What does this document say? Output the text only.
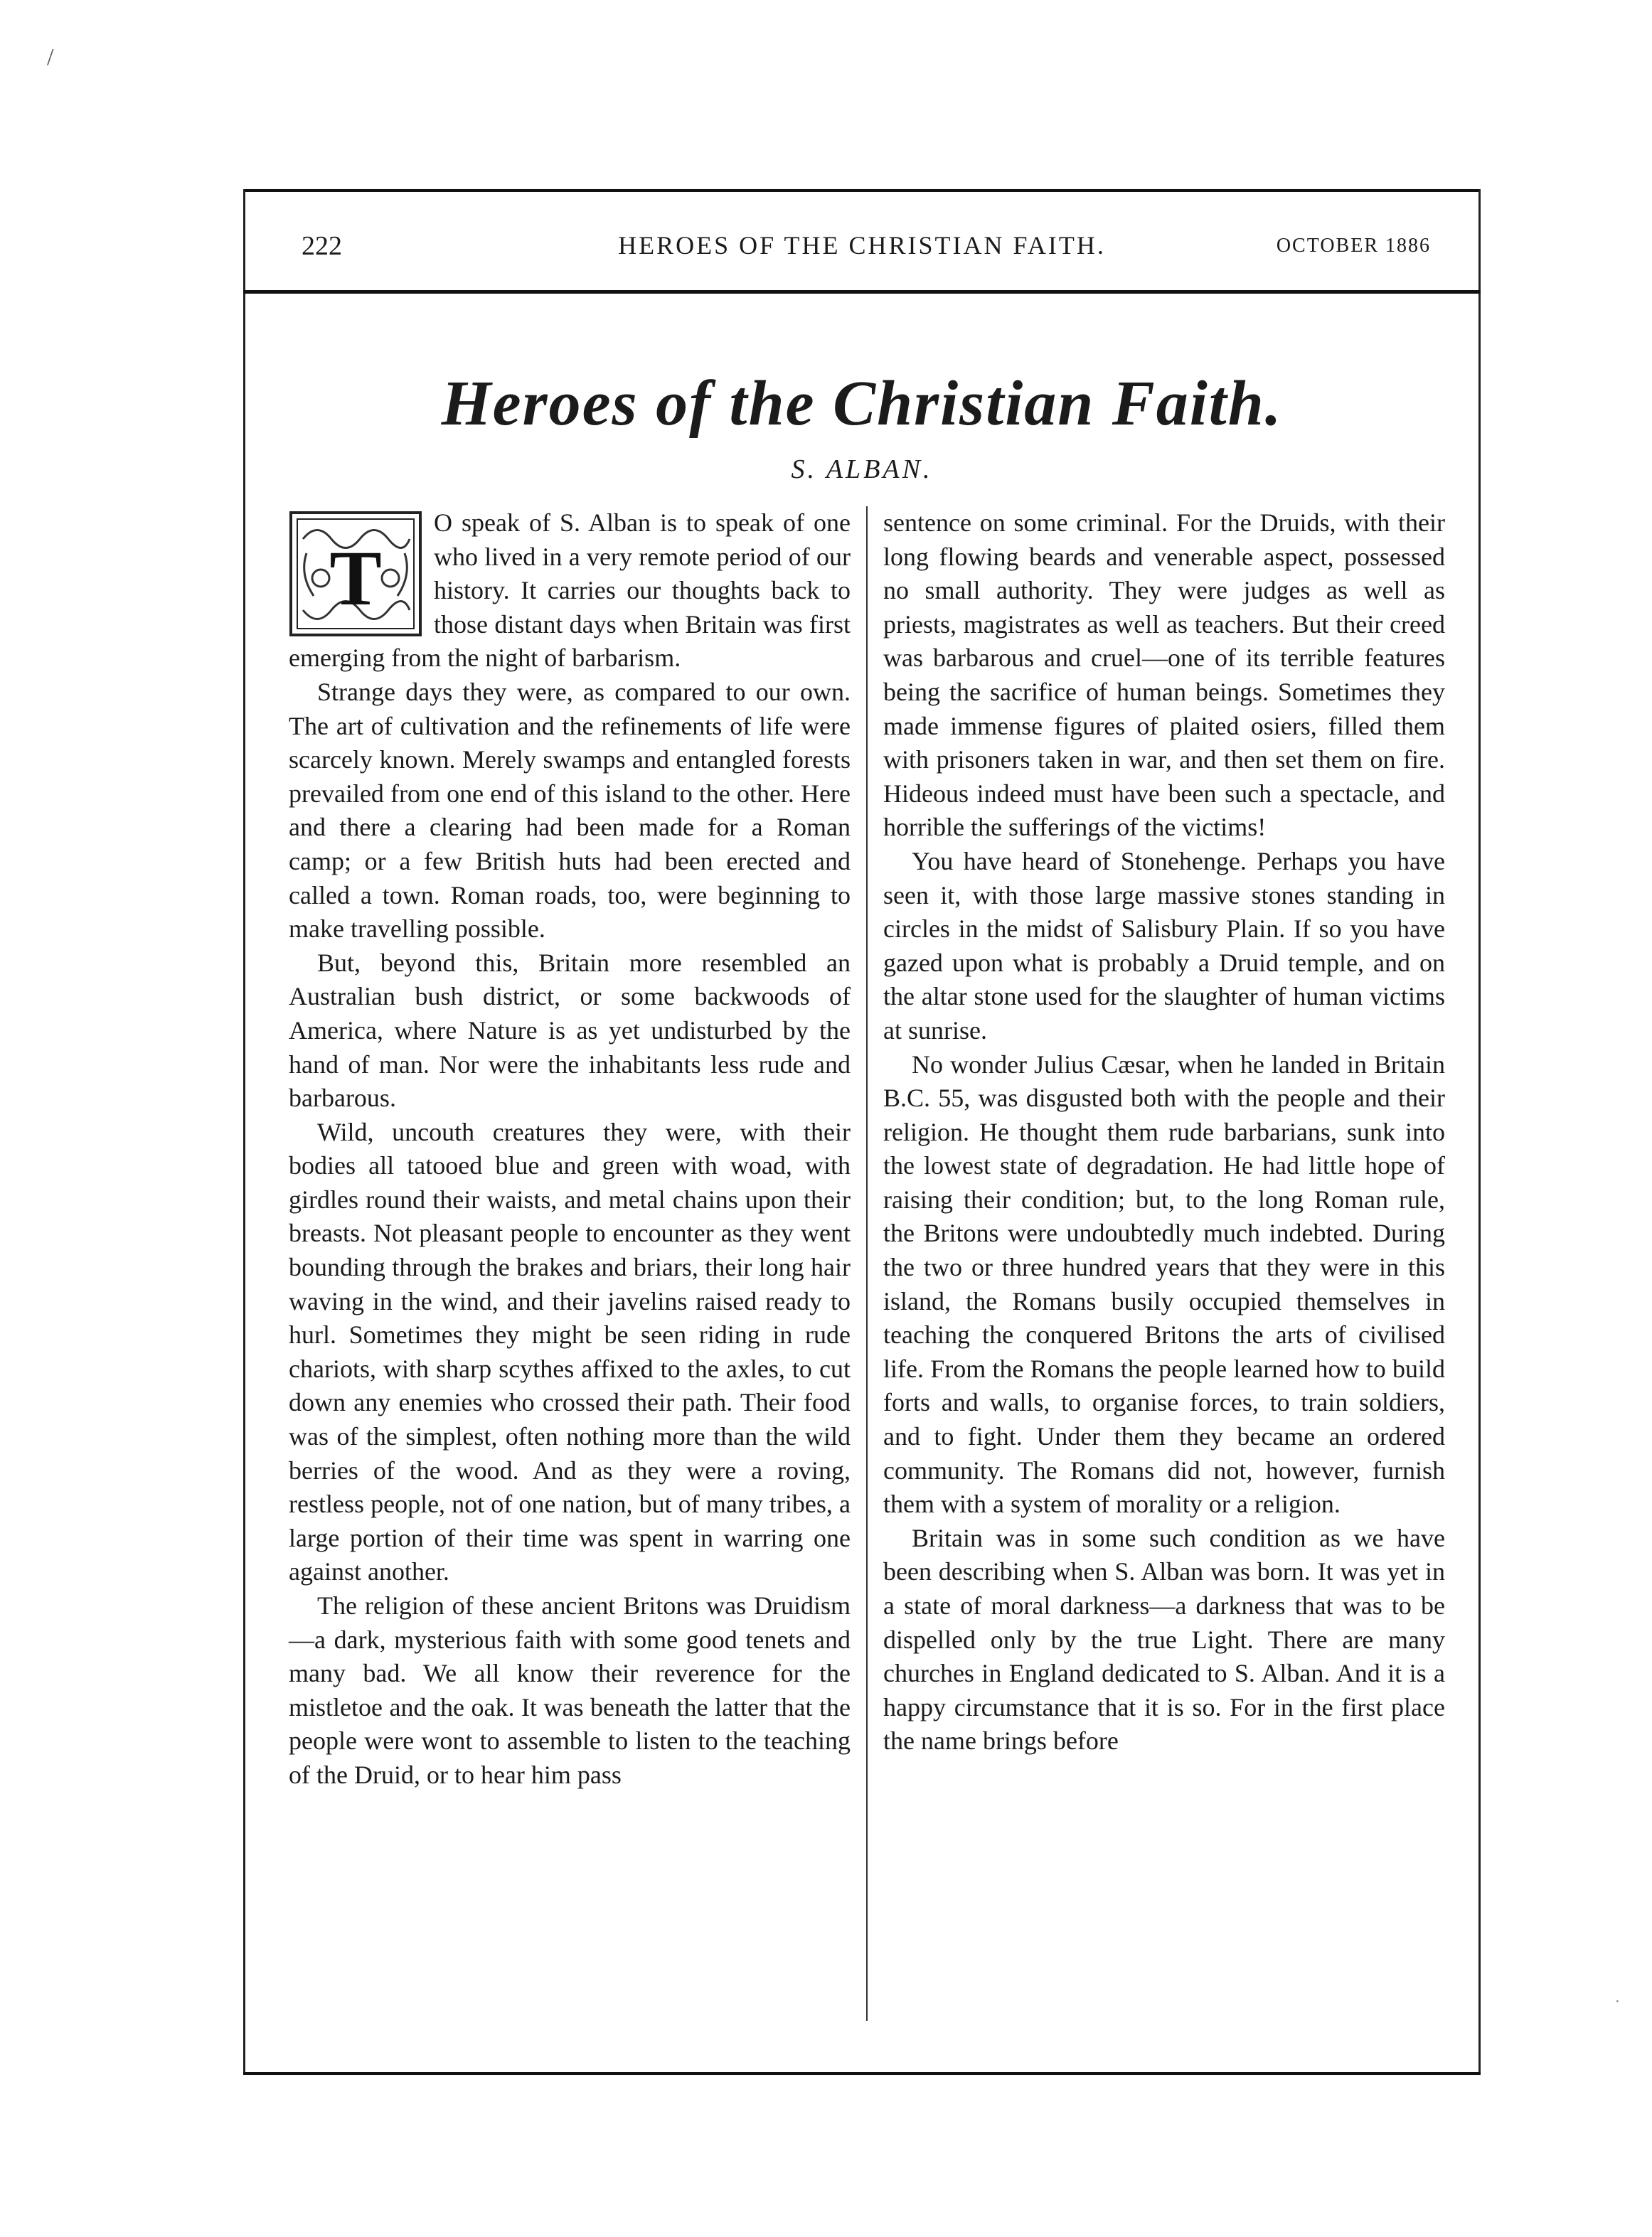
/
·
222	HEROES OF THE CHRISTIAN FAITH.	OCTOBER 1886
Heroes of the Christian Faith.
S. ALBAN.
T

O speak of S. Alban is to speak of one who lived in a very remote period of our history. It carries our thoughts back to those distant days when Britain was first emerging from the night of barbarism.

Strange days they were, as compared to our own. The art of cultivation and the refinements of life were scarcely known. Merely swamps and entangled forests prevailed from one end of this island to the other. Here and there a clearing had been made for a Roman camp; or a few British huts had been erected and called a town. Roman roads, too, were beginning to make travelling possible.

But, beyond this, Britain more resembled an Australian bush district, or some backwoods of America, where Nature is as yet undisturbed by the hand of man. Nor were the inhabitants less rude and barbarous.

Wild, uncouth creatures they were, with their bodies all tatooed blue and green with woad, with girdles round their waists, and metal chains upon their breasts. Not pleasant people to encounter as they went bounding through the brakes and briars, their long hair waving in the wind, and their javelins raised ready to hurl. Sometimes they might be seen riding in rude chariots, with sharp scythes affixed to the axles, to cut down any enemies who crossed their path. Their food was of the simplest, often nothing more than the wild berries of the wood. And as they were a roving, restless people, not of one nation, but of many tribes, a large portion of their time was spent in warring one against another.

The religion of these ancient Britons was Druidism—a dark, mysterious faith with some good tenets and many bad. We all know their reverence for the mistletoe and the oak. It was beneath the latter that the people were wont to assemble to listen to the teaching of the Druid, or to hear him pass

sentence on some criminal. For the Druids, with their long flowing beards and venerable aspect, possessed no small authority. They were judges as well as priests, magistrates as well as teachers. But their creed was barbarous and cruel—one of its terrible features being the sacrifice of human beings. Sometimes they made immense figures of plaited osiers, filled them with prisoners taken in war, and then set them on fire. Hideous indeed must have been such a spectacle, and horrible the sufferings of the victims!

You have heard of Stonehenge. Perhaps you have seen it, with those large massive stones standing in circles in the midst of Salisbury Plain. If so you have gazed upon what is probably a Druid temple, and on the altar stone used for the slaughter of human victims at sunrise.

No wonder Julius Cæsar, when he landed in Britain B.C. 55, was disgusted both with the people and their religion. He thought them rude barbarians, sunk into the lowest state of degradation. He had little hope of raising their condition; but, to the long Roman rule, the Britons were undoubtedly much indebted. During the two or three hundred years that they were in this island, the Romans busily occupied themselves in teaching the conquered Britons the arts of civilised life. From the Romans the people learned how to build forts and walls, to organise forces, to train soldiers, and to fight. Under them they became an ordered community. The Romans did not, however, furnish them with a system of morality or a religion.

Britain was in some such condition as we have been describing when S. Alban was born. It was yet in a state of moral darkness—a darkness that was to be dispelled only by the true Light. There are many churches in England dedicated to S. Alban. And it is a happy circumstance that it is so. For in the first place the name brings before
